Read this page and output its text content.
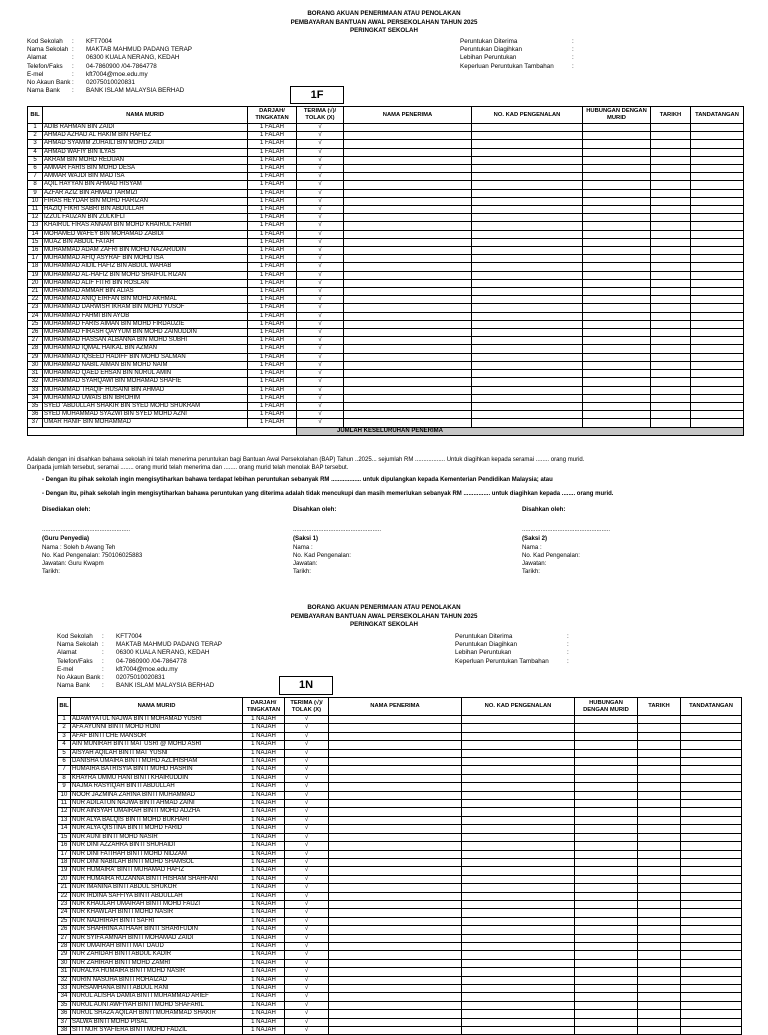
BORANG AKUAN PENERIMAAN ATAU PENOLAKAN
PEMBAYARAN BANTUAN AWAL PERSEKOLAHAN TAHUN 2025
PERINGKAT SEKOLAH
Kod Sekolah	:	KFT7004
Nama Sekolah :	MAKTAB MAHMUD PADANG TERAP
Alamat	:	06300 KUALA NERANG, KEDAH
Telefon/Faks	:	04-7860900 /04-7864778
E-mel	:	kft7004@moe.edu.my
No Akaun Bank :	02075010020831
Nama Bank	:	BANK ISLAM MALAYSIA BERHAD
Peruntukan Diterima	:
Peruntukan Diagihkan	:
Lebihan Peruntukan	:
Keperluan Peruntukan Tambahan	:
1F
BIL	NAMA MURID	DARJAH/ TINGKATAN	TERIMA (√)/ TOLAK (X)	NAMA PENERIMA	NO. KAD PENGENALAN	HUBUNGAN DENGAN MURID	TARIKH	TANDATANGAN
1	ADIB RAHMAN BIN ZAIDI	1 FALAH	√					
2	AHMAD AZHAD AL HAKIM BIN HAFIEZ	1 FALAH	√					
3	AHMAD SYAMIM ZUHAILI BIN MOHD ZAIDI	1 FALAH	√					
4	AHMAD WAFIY BIN ILYAS	1 FALAH	√					
5	AKRAM BIN MOHD REDUAN	1 FALAH	√					
6	AMMAR FARIS BIN MOHD DESA	1 FALAH	√					
7	AMMAR WAJDI BIN MAD ISA	1 FALAH	√					
8	AQIL HAYYAN BIN AHMAD HISYAM	1 FALAH	√					
9	AZFAR AZIZ BIN AHMAD TARMIZI	1 FALAH	√					
10	FIRAS HEYDAR BIN MOHD HARIZAN	1 FALAH	√					
11	HAZIQ FIKRI SABRI BIN ABDULLAH	1 FALAH	√					
12	IZZUL FAUZAN BIN ZULKIFLI	1 FALAH	√					
13	KHAIRUL FIRAS ANNAM BIN MOHD KHAIRUL FAHMI	1 FALAH	√					
14	MOHAMED WAFEY BIN MOHAMAD ZABIDI	1 FALAH	√					
15	MUAZ BIN ABDUL FATAH	1 FALAH	√					
16	MUHAMMAD ADAM ZAFRI BIN MOHD NAZARUDIN	1 FALAH	√					
17	MUHAMMAD AFIQ ASYRAF BIN MOHD ISA	1 FALAH	√					
18	MUHAMMAD AIDIL HAFIZ BIN ABDUL WAHAB	1 FALAH	√					
19	MUHAMMAD AL-HAFIZ BIN MOHD SHAIFUL RIZAN	1 FALAH	√					
20	MUHAMMAD ALIF FITRI BIN ROSLAN	1 FALAH	√					
21	MUHAMMAD AMMAR BIN ALIAS	1 FALAH	√					
22	MUHAMMAD ANIQ EIRFAN BIN MOHD AKHMAL	1 FALAH	√					
23	MUHAMMAD DARWISH IKRAM BIN MOHD YUSOF	1 FALAH	√					
24	MUHAMMAD FAHMI BIN AYOB	1 FALAH	√					
25	MUHAMMAD FARIS AIMAN BIN MOHD FIRDAUZIE	1 FALAH	√					
26	MUHAMMAD FIRASH QAYYUM BIN MOHD ZAINUDDIN	1 FALAH	√					
27	MUHAMMAD HASSAN ALBANNA BIN MOHD SUBHI	1 FALAH	√					
28	MUHAMMAD IQMAL HAIKAL BIN AZMAN	1 FALAH	√					
29	MUHAMMAD IQSEED HADIFF BIN MOHD SALMAN	1 FALAH	√					
30	MUHAMMAD NABIL AIMAN BIN MOHD NAIM	1 FALAH	√					
31	MUHAMMAD QAED EHSAN BIN NURUL AMIN	1 FALAH	√					
32	MUHAMMAD SYARQAWI BIN MOHAMAD SHAFIE	1 FALAH	√					
33	MUHAMMAD THAQIF HUSAINI BIN AHMAD	1 FALAH	√					
34	MUHAMMAD UWAIS BIN IBROHIM	1 FALAH	√					
35	SYED 'ABDULLAH SHAKIR BIN SYED MOHD SHUKRAM	1 FALAH	√					
36	SYED MUHAMMAD SYAZWI BIN SYED MOHD AZNI	1 FALAH	√					
37	UMAR HANIF BIN MOHAMMAD	1 FALAH	√					
			JUMLAH KESELURUHAN PENERIMA					
Adalah dengan ini disahkan bahawa sekolah ini telah menerima peruntukan bagi Bantuan Awal Persekolahan (BAP) Tahun ..2025... sejumlah RM .................. Untuk diagihkan kepada seramai ........ orang murid.
Daripada jumlah tersebut, seramai ........ orang murid telah menerima dan ........ orang murid telah menolak BAP tersebut.
- Dengan itu pihak sekolah ingin mengisytiharkan bahawa terdapat lebihan peruntukan sebanyak RM .................. untuk dipulangkan kepada Kementerian Pendidikan Malaysia; atau
- Dengan itu, pihak sekolah ingin mengisytiharkan bahawa peruntukan yang diterima adalah tidak mencukupi dan masih memerlukan sebanyak RM ................ untuk diagihkan kepada ........ orang murid.
Disediakan oleh:
....................................................
(Guru Penyedia)
Nama : Soleh b Awang Teh
No. Kad Pengenalan: 750106025883
Jawatan: Guru Kwapm
Tarikh:
Disahkan oleh:
....................................................
(Saksi 1)
Nama :
No. Kad Pengenalan:
Jawatan:
Tarikh:
Disahkan oleh:
....................................................
(Saksi 2)
Nama :
No. Kad Pengenalan:
Jawatan:
Tarikh:
BORANG AKUAN PENERIMAAN ATAU PENOLAKAN
PEMBAYARAN BANTUAN AWAL PERSEKOLAHAN TAHUN 2025
PERINGKAT SEKOLAH
Kod Sekolah	:	KFT7004
Nama Sekolah :	MAKTAB MAHMUD PADANG TERAP
Alamat	:	06300 KUALA NERANG, KEDAH
Telefon/Faks	:	04-7860900 /04-7864778
E-mel	:	kft7004@moe.edu.my
No Akaun Bank :	02075010020831
Nama Bank	:	BANK ISLAM MALAYSIA BERHAD
Peruntukan Diterima	:
Peruntukan Diagihkan	:
Lebihan Peruntukan	:
Keperluan Peruntukan Tambahan	:
1N
BIL	NAMA MURID	DARJAH/ TINGKATAN	TERIMA (√)/ TOLAK (X)	NAMA PENERIMA	NO. KAD PENGENALAN	HUBUNGAN DENGAN MURID	TARIKH	TANDATANGAN
1	ADAWIYATUL NAJWA BINTI MOHAMAD YUSRI	1 NAJAH	√					
2	AFA AYUNNI BINTI MOHD RONI	1 NAJAH	√					
3	AFAF BINTI CHE MANSOR	1 NAJAH	√					
4	AIN MUNIRAH BINTI MAT USRI @ MOHD ASRI	1 NAJAH	√					
5	AISYAH AQILAH BINTI MAT YUSNI	1 NAJAH	√					
6	DANISHA UMAIRA BINTI MOHD AZLIHISHAM	1 NAJAH	√					
7	HUMAIRA BATRISYIA BINTI MUHD HASRIN	1 NAJAH	√					
8	KHAYRA UMMU HANI BINTI KHAIRUDDIN	1 NAJAH	√					
9	NAJMA RASYIQAH BINTI ABDULLAH	1 NAJAH	√					
10	NOOR JAZMINA ZARINA BINTI MUHAMMAD	1 NAJAH	√					
11	NUR ADILATUN NAJWA BINTI AHMAD ZAINI	1 NAJAH	√					
12	NUR AINSYAH UMAIRAH BINTI MOHD ADZHA	1 NAJAH	√					
13	NUR ALYA BALQIS BINTI MOHD BUKHARI	1 NAJAH	√					
14	NUR ALYA QISTINA BINTI MOHD FARID	1 NAJAH	√					
15	NUR AUNI BINTI MOHD NASIR	1 NAJAH	√					
16	NUR DINI AZZAHRA BINTI SHUHAIDI	1 NAJAH	√					
17	NUR DINI FATIHAH BINTI MOHD NIDZAM	1 NAJAH	√					
18	NUR DINI NABILAH BINTI MOHD SHAMSOL	1 NAJAH	√					
19	NUR HUMAIRA' BINTI MUHAMAD HAFIZ	1 NAJAH	√					
20	NUR HUMAIRA RUZANNA BINTI HISHAM SHAHFANI	1 NAJAH	√					
21	NUR IMANINA BINTI ABDUL SHUKOR	1 NAJAH	√					
22	NUR IRDINA SAFFIYA BINTI ABDULLAH	1 NAJAH	√					
23	NUR KHAULAH UMAIRAH BINTI MOHD FAUZI	1 NAJAH	√					
24	NUR KHAWLAH BINTI MOHD NASIR	1 NAJAH	√					
25	NUR NADHIRAH BINTI SAFRI	1 NAJAH	√					
26	NUR SHAHRINA ATHAAR BINTI SHARIFUDIN	1 NAJAH	√					
27	NUR SYIFA AMNAH BINTI MOHAMAD ZAIDI	1 NAJAH	√					
28	NUR UMAIRAH BINTI MAT DAUD	1 NAJAH	√					
29	NUR ZAHIDAH BINTI ABDUL KADIR	1 NAJAH	√					
30	NUR ZAHIRAH BINTI MOHD ZAMRI	1 NAJAH	√					
31	NURALYA HUMAIRA BINTI MOHD NASIR	1 NAJAH	√					
32	NURIN NASUHA BINTI ROHAIZAD	1 NAJAH	√					
33	NURSAMHANA BINTI ABDUL RANI	1 NAJAH	√					
34	NURUL ALISHA DAMIA BINTI MUHAMMAD ARIEF	1 NAJAH	√					
35	NURUL AUNI AWFIYAH BINTI MOHD SHAFARIL	1 NAJAH	√					
36	NURUL SHAZA AQILAH BINTI MUHAMMAD SHAKIR	1 NAJAH	√					
37	SALWA BINTI MOHD PISAL	1 NAJAH	√					
38	SITI NUR SYAFIERA BINTI MOHD FADZIL	1 NAJAH	√					
